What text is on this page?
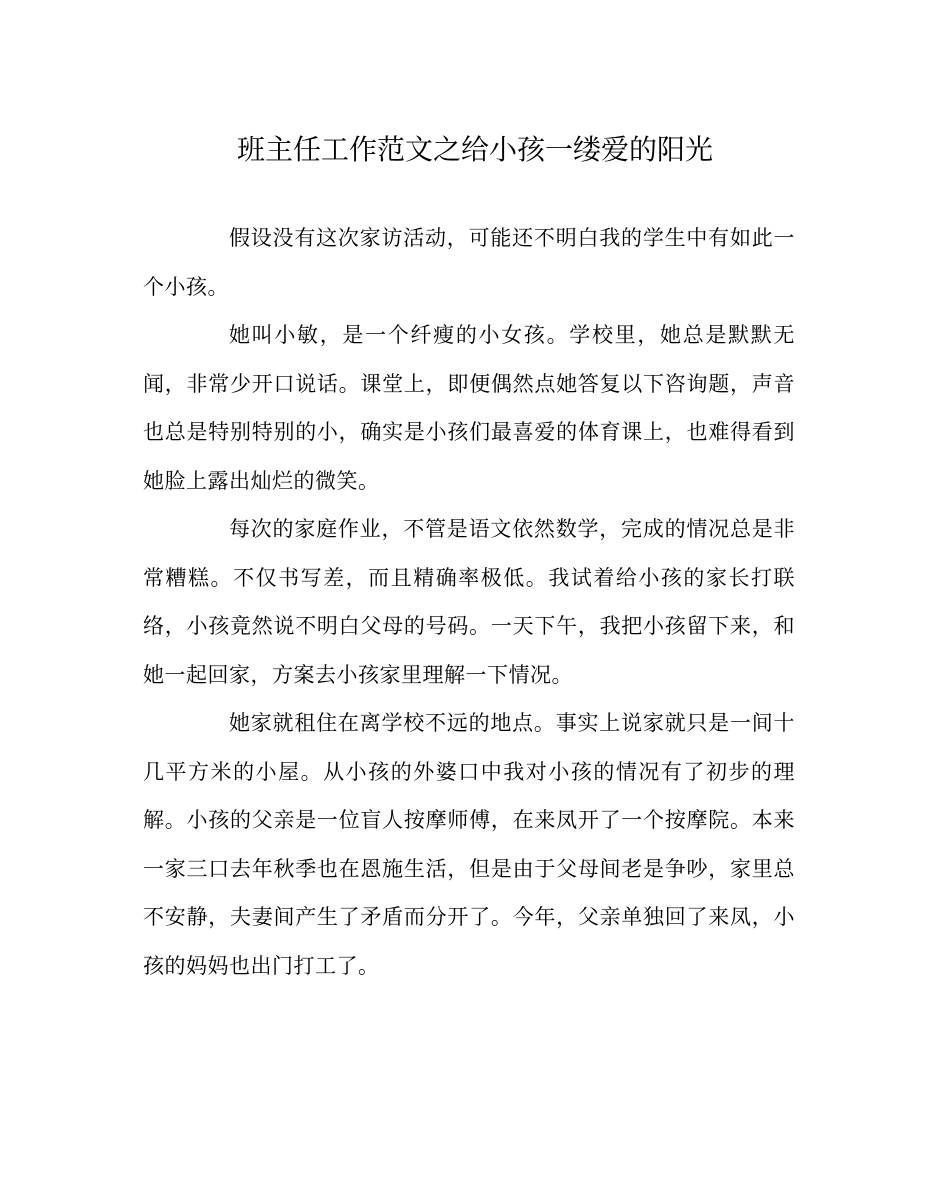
班主任工作范文之给小孩一缕爱的阳光

假设没有这次家访活动，可能还不明白我的学生中有如此一个小孩。

她叫小敏，是一个纤瘦的小女孩。学校里，她总是默默无闻，非常少开口说话。课堂上，即便偶然点她答复以下咨询题，声音也总是特别特别的小，确实是小孩们最喜爱的体育课上，也难得看到她脸上露出灿烂的微笑。

每次的家庭作业，不管是语文依然数学，完成的情况总是非常糟糕。不仅书写差，而且精确率极低。我试着给小孩的家长打联络，小孩竟然说不明白父母的号码。一天下午，我把小孩留下来，和她一起回家，方案去小孩家里理解一下情况。

她家就租住在离学校不远的地点。事实上说家就只是一间十几平方米的小屋。从小孩的外婆口中我对小孩的情况有了初步的理解。小孩的父亲是一位盲人按摩师傅，在来凤开了一个按摩院。本来一家三口去年秋季也在恩施生活，但是由于父母间老是争吵，家里总不安静，夫妻间产生了矛盾而分开了。今年，父亲单独回了来凤，小孩的妈妈也出门打工了。
